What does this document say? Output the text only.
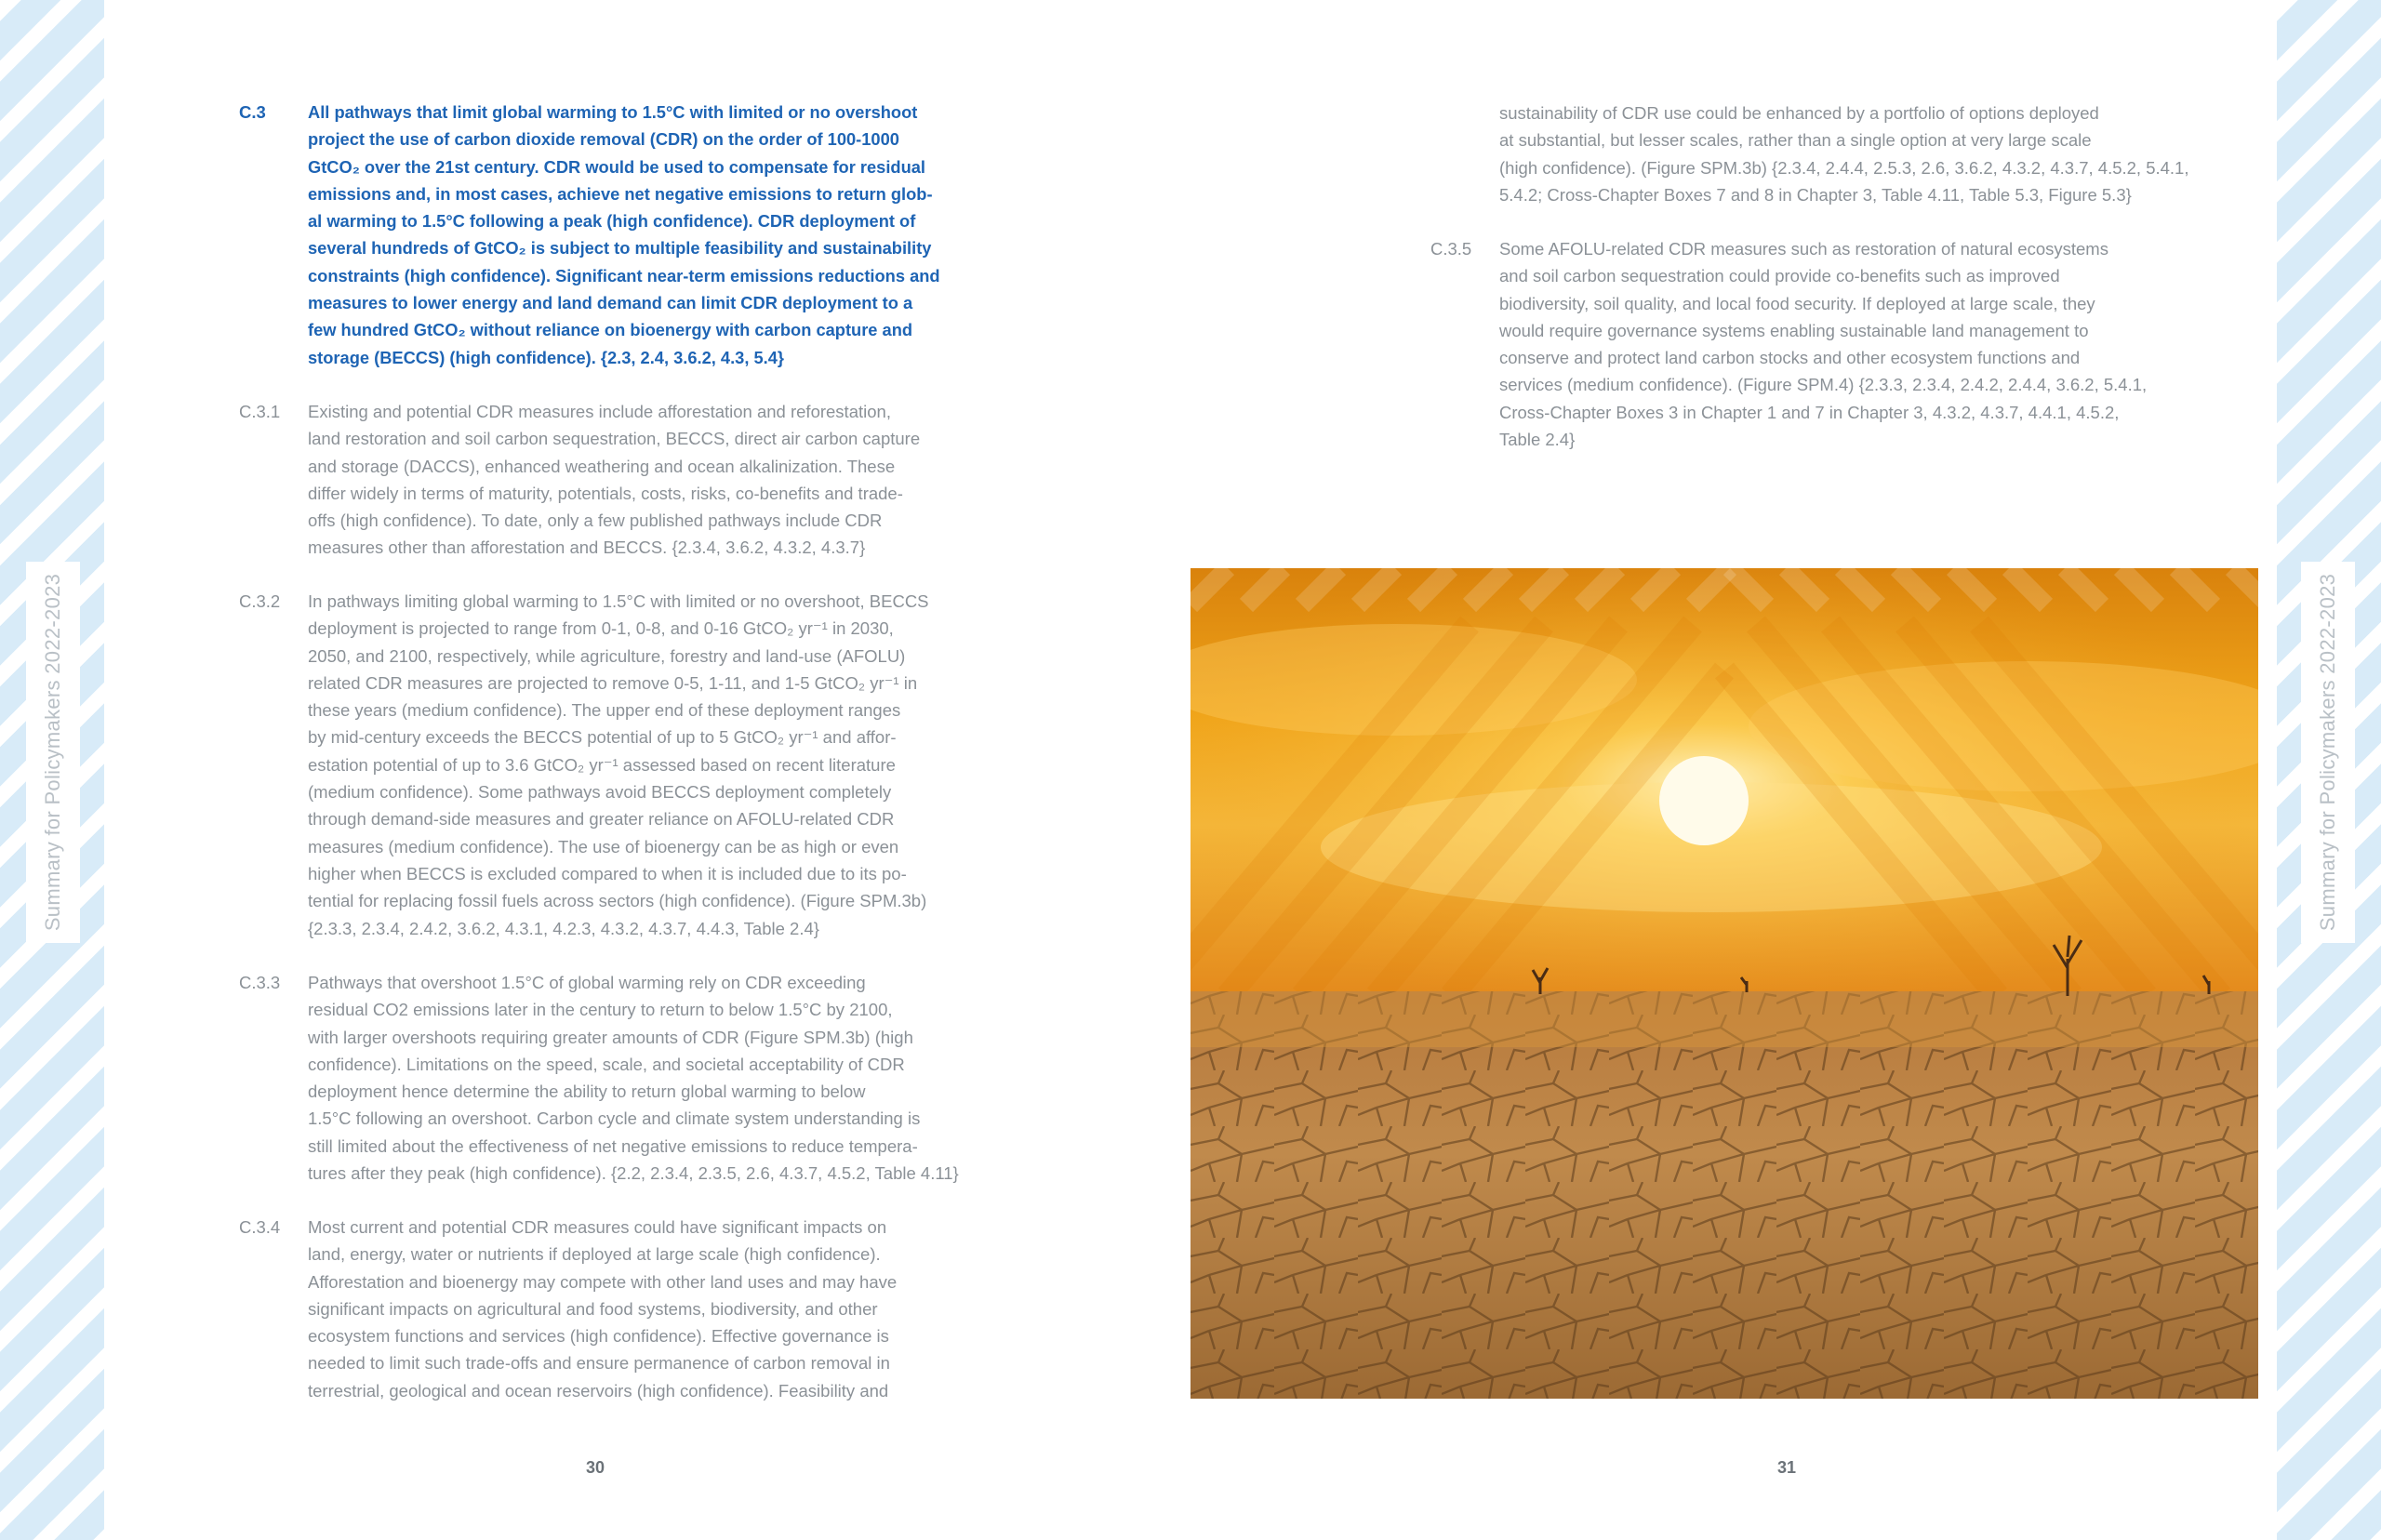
Summary for Policymakers 2022-2023	Summary for Policymakers 2022-2023
C.3 All pathways that limit global warming to 1.5°C with limited or no overshoot
project the use of carbon dioxide removal (CDR) on the order of 100-1000
GtCO₂ over the 21st century. CDR would be used to compensate for residual
emissions and, in most cases, achieve net negative emissions to return glob-
al warming to 1.5°C following a peak (high confidence). CDR deployment of
several hundreds of GtCO₂ is subject to multiple feasibility and sustainability
constraints (high confidence). Significant near-term emissions reductions and
measures to lower energy and land demand can limit CDR deployment to a
few hundred GtCO₂ without reliance on bioenergy with carbon capture and
storage (BECCS) (high confidence). {2.3, 2.4, 3.6.2, 4.3, 5.4}
C.3.1 Existing and potential CDR measures include afforestation and reforestation,
land restoration and soil carbon sequestration, BECCS, direct air carbon capture
and storage (DACCS), enhanced weathering and ocean alkalinization. These
differ widely in terms of maturity, potentials, costs, risks, co-benefits and trade-
offs (high confidence). To date, only a few published pathways include CDR
measures other than afforestation and BECCS. {2.3.4, 3.6.2, 4.3.2, 4.3.7}
C.3.2 In pathways limiting global warming to 1.5°C with limited or no overshoot, BECCS
deployment is projected to range from 0-1, 0-8, and 0-16 GtCO₂ yr⁻¹ in 2030,
2050, and 2100, respectively, while agriculture, forestry and land-use (AFOLU)
related CDR measures are projected to remove 0-5, 1-11, and 1-5 GtCO₂ yr⁻¹ in
these years (medium confidence). The upper end of these deployment ranges
by mid-century exceeds the BECCS potential of up to 5 GtCO₂ yr⁻¹ and affor-
estation potential of up to 3.6 GtCO₂ yr⁻¹ assessed based on recent literature
(medium confidence). Some pathways avoid BECCS deployment completely
through demand-side measures and greater reliance on AFOLU-related CDR
measures (medium confidence). The use of bioenergy can be as high or even
higher when BECCS is excluded compared to when it is included due to its po-
tential for replacing fossil fuels across sectors (high confidence). (Figure SPM.3b)
{2.3.3, 2.3.4, 2.4.2, 3.6.2, 4.3.1, 4.2.3, 4.3.2, 4.3.7, 4.4.3, Table 2.4}
C.3.3 Pathways that overshoot 1.5°C of global warming rely on CDR exceeding
residual CO2 emissions later in the century to return to below 1.5°C by 2100,
with larger overshoots requiring greater amounts of CDR (Figure SPM.3b) (high
confidence). Limitations on the speed, scale, and societal acceptability of CDR
deployment hence determine the ability to return global warming to below
1.5°C following an overshoot. Carbon cycle and climate system understanding is
still limited about the effectiveness of net negative emissions to reduce tempera-
tures after they peak (high confidence). {2.2, 2.3.4, 2.3.5, 2.6, 4.3.7, 4.5.2, Table 4.11}
C.3.4 Most current and potential CDR measures could have significant impacts on
land, energy, water or nutrients if deployed at large scale (high confidence).
Afforestation and bioenergy may compete with other land uses and may have
significant impacts on agricultural and food systems, biodiversity, and other
ecosystem functions and services (high confidence). Effective governance is
needed to limit such trade-offs and ensure permanence of carbon removal in
terrestrial, geological and ocean reservoirs (high confidence). Feasibility and
30
sustainability of CDR use could be enhanced by a portfolio of options deployed
at substantial, but lesser scales, rather than a single option at very large scale
(high confidence). (Figure SPM.3b) {2.3.4, 2.4.4, 2.5.3, 2.6, 3.6.2, 4.3.2, 4.3.7, 4.5.2, 5.4.1,
5.4.2; Cross-Chapter Boxes 7 and 8 in Chapter 3, Table 4.11, Table 5.3, Figure 5.3}
C.3.5 Some AFOLU-related CDR measures such as restoration of natural ecosystems
and soil carbon sequestration could provide co-benefits such as improved
biodiversity, soil quality, and local food security. If deployed at large scale, they
would require governance systems enabling sustainable land management to
conserve and protect land carbon stocks and other ecosystem functions and
services (medium confidence). (Figure SPM.4) {2.3.3, 2.3.4, 2.4.2, 2.4.4, 3.6.2, 5.4.1,
Cross-Chapter Boxes 3 in Chapter 1 and 7 in Chapter 3, 4.3.2, 4.3.7, 4.4.1, 4.5.2,
Table 2.4}
31
